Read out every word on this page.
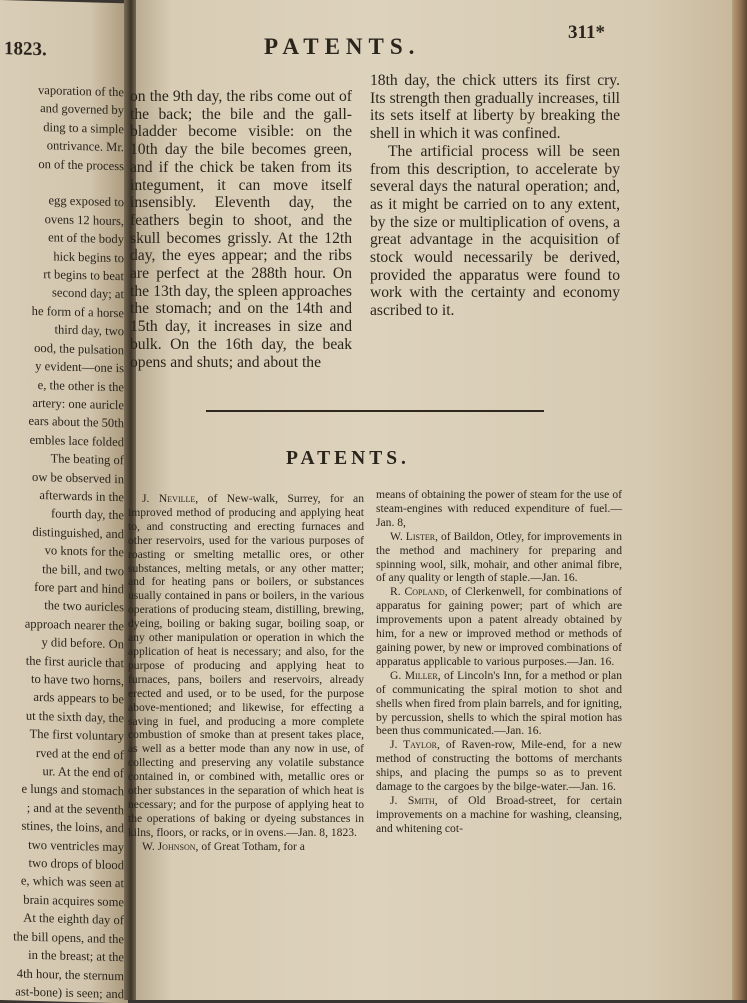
1823.
vaporation of the
and governed by
ding to a simple
ontrivance. Mr.
on of the process

egg exposed to
ovens 12 hours,
ent of the body
hick begins to
rt begins to beat
second day; at
he form of a horse
third day, two
ood, the pulsation
y evident—one is
e, the other is the
artery: one auricle
ears about the 50th
embles lace folded
The beating of
ow be observed in
afterwards in the
fourth day, the
distinguished, and
vo knots for the
the bill, and two
fore part and hind
the two auricles
approach nearer the
y did before. On
the first auricle that
to have two horns,
ards appears to be
ut the sixth day, the
The first voluntary
rved at the end of
ur. At the end of
e lungs and stomach
; and at the seventh
stines, the loins, and
two ventricles may
two drops of blood
e, which was seen at
brain acquires some
At the eighth day of
the bill opens, and the
in the breast; at the
4th hour, the sternum
ast-bone) is seen; and
PATENTS.
311*

on the 9th day, the ribs come out of the back; the bile and the gall-bladder become visible: on the 10th day the bile becomes green, and if the chick be taken from its integument, it can move itself insensibly. Eleventh day, the feathers begin to shoot, and the skull becomes grissly. At the 12th day, the eyes appear; and the ribs are perfect at the 288th hour. On the 13th day, the spleen approaches the stomach; and on the 14th and 15th day, it increases in size and bulk. On the 16th day, the beak opens and shuts; and about the

18th day, the chick utters its first cry. Its strength then gradually increases, till its sets itself at liberty by breaking the shell in which it was confined.

The artificial process will be seen from this description, to accelerate by several days the natural operation; and, as it might be carried on to any extent, by the size or multiplication of ovens, a great advantage in the acquisition of stock would necessarily be derived, provided the apparatus were found to work with the certainty and economy ascribed to it.

PATENTS.

J. Neville, of New-walk, Surrey, for an improved method of producing and applying heat to, and constructing and erecting furnaces and other reservoirs, used for the various purposes of roasting or smelting metallic ores, or other substances, melting metals, or any other matter; and for heating pans or boilers, or substances usually contained in pans or boilers, in the various operations of producing steam, distilling, brewing, dyeing, boiling or baking sugar, boiling soap, or any other manipulation or operation in which the application of heat is necessary; and also, for the purpose of producing and applying heat to furnaces, pans, boilers and reservoirs, already erected and used, or to be used, for the purpose above-mentioned; and likewise, for effecting a saving in fuel, and producing a more complete combustion of smoke than at present takes place, as well as a better mode than any now in use, of collecting and preserving any volatile substance contained in, or combined with, metallic ores or other substances in the separation of which heat is necessary; and for the purpose of applying heat to the operations of baking or dyeing substances in kilns, floors, or racks, or in ovens.—Jan. 8, 1823.

W. Johnson, of Great Totham, for a

means of obtaining the power of steam for the use of steam-engines with reduced expenditure of fuel.—Jan. 8,

W. Lister, of Baildon, Otley, for improvements in the method and machinery for preparing and spinning wool, silk, mohair, and other animal fibre, of any quality or length of staple.—Jan. 16.

R. Copland, of Clerkenwell, for combinations of apparatus for gaining power; part of which are improvements upon a patent already obtained by him, for a new or improved method or methods of gaining power, by new or improved combinations of apparatus applicable to various purposes.—Jan. 16.

G. Miller, of Lincoln's Inn, for a method or plan of communicating the spiral motion to shot and shells when fired from plain barrels, and for igniting, by percussion, shells to which the spiral motion has been thus communicated.—Jan. 16.

J. Taylor, of Raven-row, Mile-end, for a new method of constructing the bottoms of merchants ships, and placing the pumps so as to prevent damage to the cargoes by the bilge-water.—Jan. 16.

J. Smith, of Old Broad-street, for certain improvements on a machine for washing, cleansing, and whitening cot-
